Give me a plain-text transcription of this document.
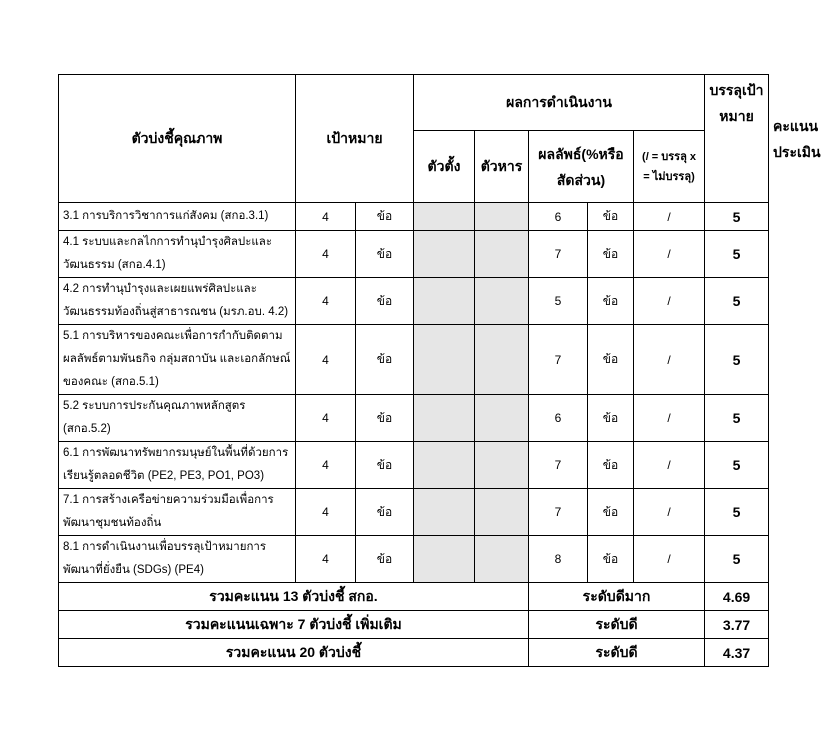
ตัวบ่งชี้คุณภาพ	เป้าหมาย		ผลการดำเนินงาน					บรรลุเป้าหมาย	คะแนนประเมิน
			ตัวตั้ง	ตัวหาร	ผลลัพธ์(%หรือสัดส่วน)		(/ = บรรลุ x = ไม่บรรลุ)		
3.1 การบริการวิชาการแก่สังคม (สกอ.3.1)	4	ข้อ			6	ข้อ	/	5	
4.1 ระบบและกลไกการทำนุบำรุงศิลปะและวัฒนธรรม (สกอ.4.1)	4	ข้อ			7	ข้อ	/	5	
4.2 การทำนุบำรุงและเผยแพร่ศิลปะและวัฒนธรรมท้องถิ่นสู่สาธารณชน (มรภ.อบ. 4.2)	4	ข้อ			5	ข้อ	/	5	
5.1 การบริหารของคณะเพื่อการกำกับติดตามผลลัพธ์ตามพันธกิจ กลุ่มสถาบัน และเอกลักษณ์ของคณะ (สกอ.5.1)	4	ข้อ			7	ข้อ	/	5	
5.2 ระบบการประกันคุณภาพหลักสูตร (สกอ.5.2)	4	ข้อ			6	ข้อ	/	5	
6.1 การพัฒนาทรัพยากรมนุษย์ในพื้นที่ด้วยการเรียนรู้ตลอดชีวิต (PE2, PE3, PO1, PO3)	4	ข้อ			7	ข้อ	/	5	
7.1 การสร้างเครือข่ายความร่วมมือเพื่อการพัฒนาชุมชนท้องถิ่น	4	ข้อ			7	ข้อ	/	5	
8.1 การดำเนินงานเพื่อบรรลุเป้าหมายการพัฒนาที่ยั่งยืน (SDGs) (PE4)	4	ข้อ			8	ข้อ	/	5	
รวมคะแนน 13 ตัวบ่งชี้ สกอ.					ระดับดีมาก			4.69	
รวมคะแนนเฉพาะ 7 ตัวบ่งชี้ เพิ่มเติม					ระดับดี			3.77	
รวมคะแนน 20 ตัวบ่งชี้					ระดับดี			4.37	
